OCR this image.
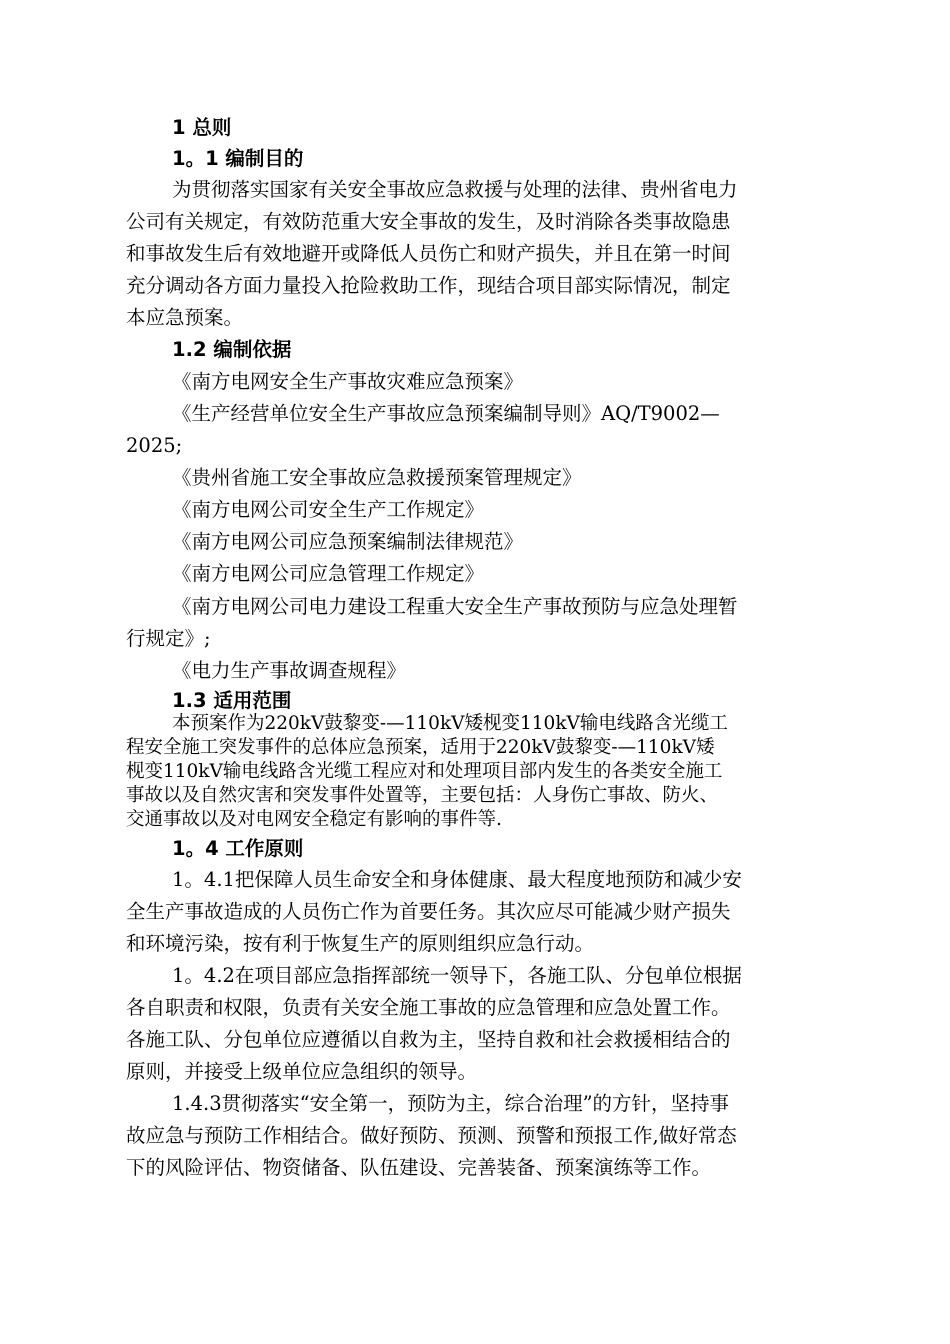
1 总则
1。1 编制目的
为贯彻落实国家有关安全事故应急救援与处理的法律、贵州省电力
公司有关规定，有效防范重大安全事故的发生，及时消除各类事故隐患
和事故发生后有效地避开或降低人员伤亡和财产损失，并且在第一时间
充分调动各方面力量投入抢险救助工作，现结合项目部实际情况，制定
本应急预案。
1.2 编制依据
《南方电网安全生产事故灾难应急预案》
《生产经营单位安全生产事故应急预案编制导则》AQ/T9002—
2025;
《贵州省施工安全事故应急救援预案管理规定》
《南方电网公司安全生产工作规定》
《南方电网公司应急预案编制法律规范》
《南方电网公司应急管理工作规定》
《南方电网公司电力建设工程重大安全生产事故预防与应急处理暂
行规定》;
《电力生产事故调查规程》
1.3 适用范围
本预案作为220kV鼓黎变-—110kV矮枧变110kV输电线路含光缆工
程安全施工突发事件的总体应急预案，适用于220kV鼓黎变-—110kV矮
枧变110kV输电线路含光缆工程应对和处理项目部内发生的各类安全施工
事故以及自然灾害和突发事件处置等，主要包括：人身伤亡事故、防火、
交通事故以及对电网安全稳定有影响的事件等.
1。4 工作原则
1。4.1把保障人员生命安全和身体健康、最大程度地预防和减少安
全生产事故造成的人员伤亡作为首要任务。其次应尽可能减少财产损失
和环境污染，按有利于恢复生产的原则组织应急行动。
1。4.2在项目部应急指挥部统一领导下，各施工队、分包单位根据
各自职责和权限，负责有关安全施工事故的应急管理和应急处置工作。
各施工队、分包单位应遵循以自救为主，坚持自救和社会救援相结合的
原则，并接受上级单位应急组织的领导。
1.4.3贯彻落实“安全第一，预防为主，综合治理”的方针，坚持事
故应急与预防工作相结合。做好预防、预测、预警和预报工作,做好常态
下的风险评估、物资储备、队伍建设、完善装备、预案演练等工作。
